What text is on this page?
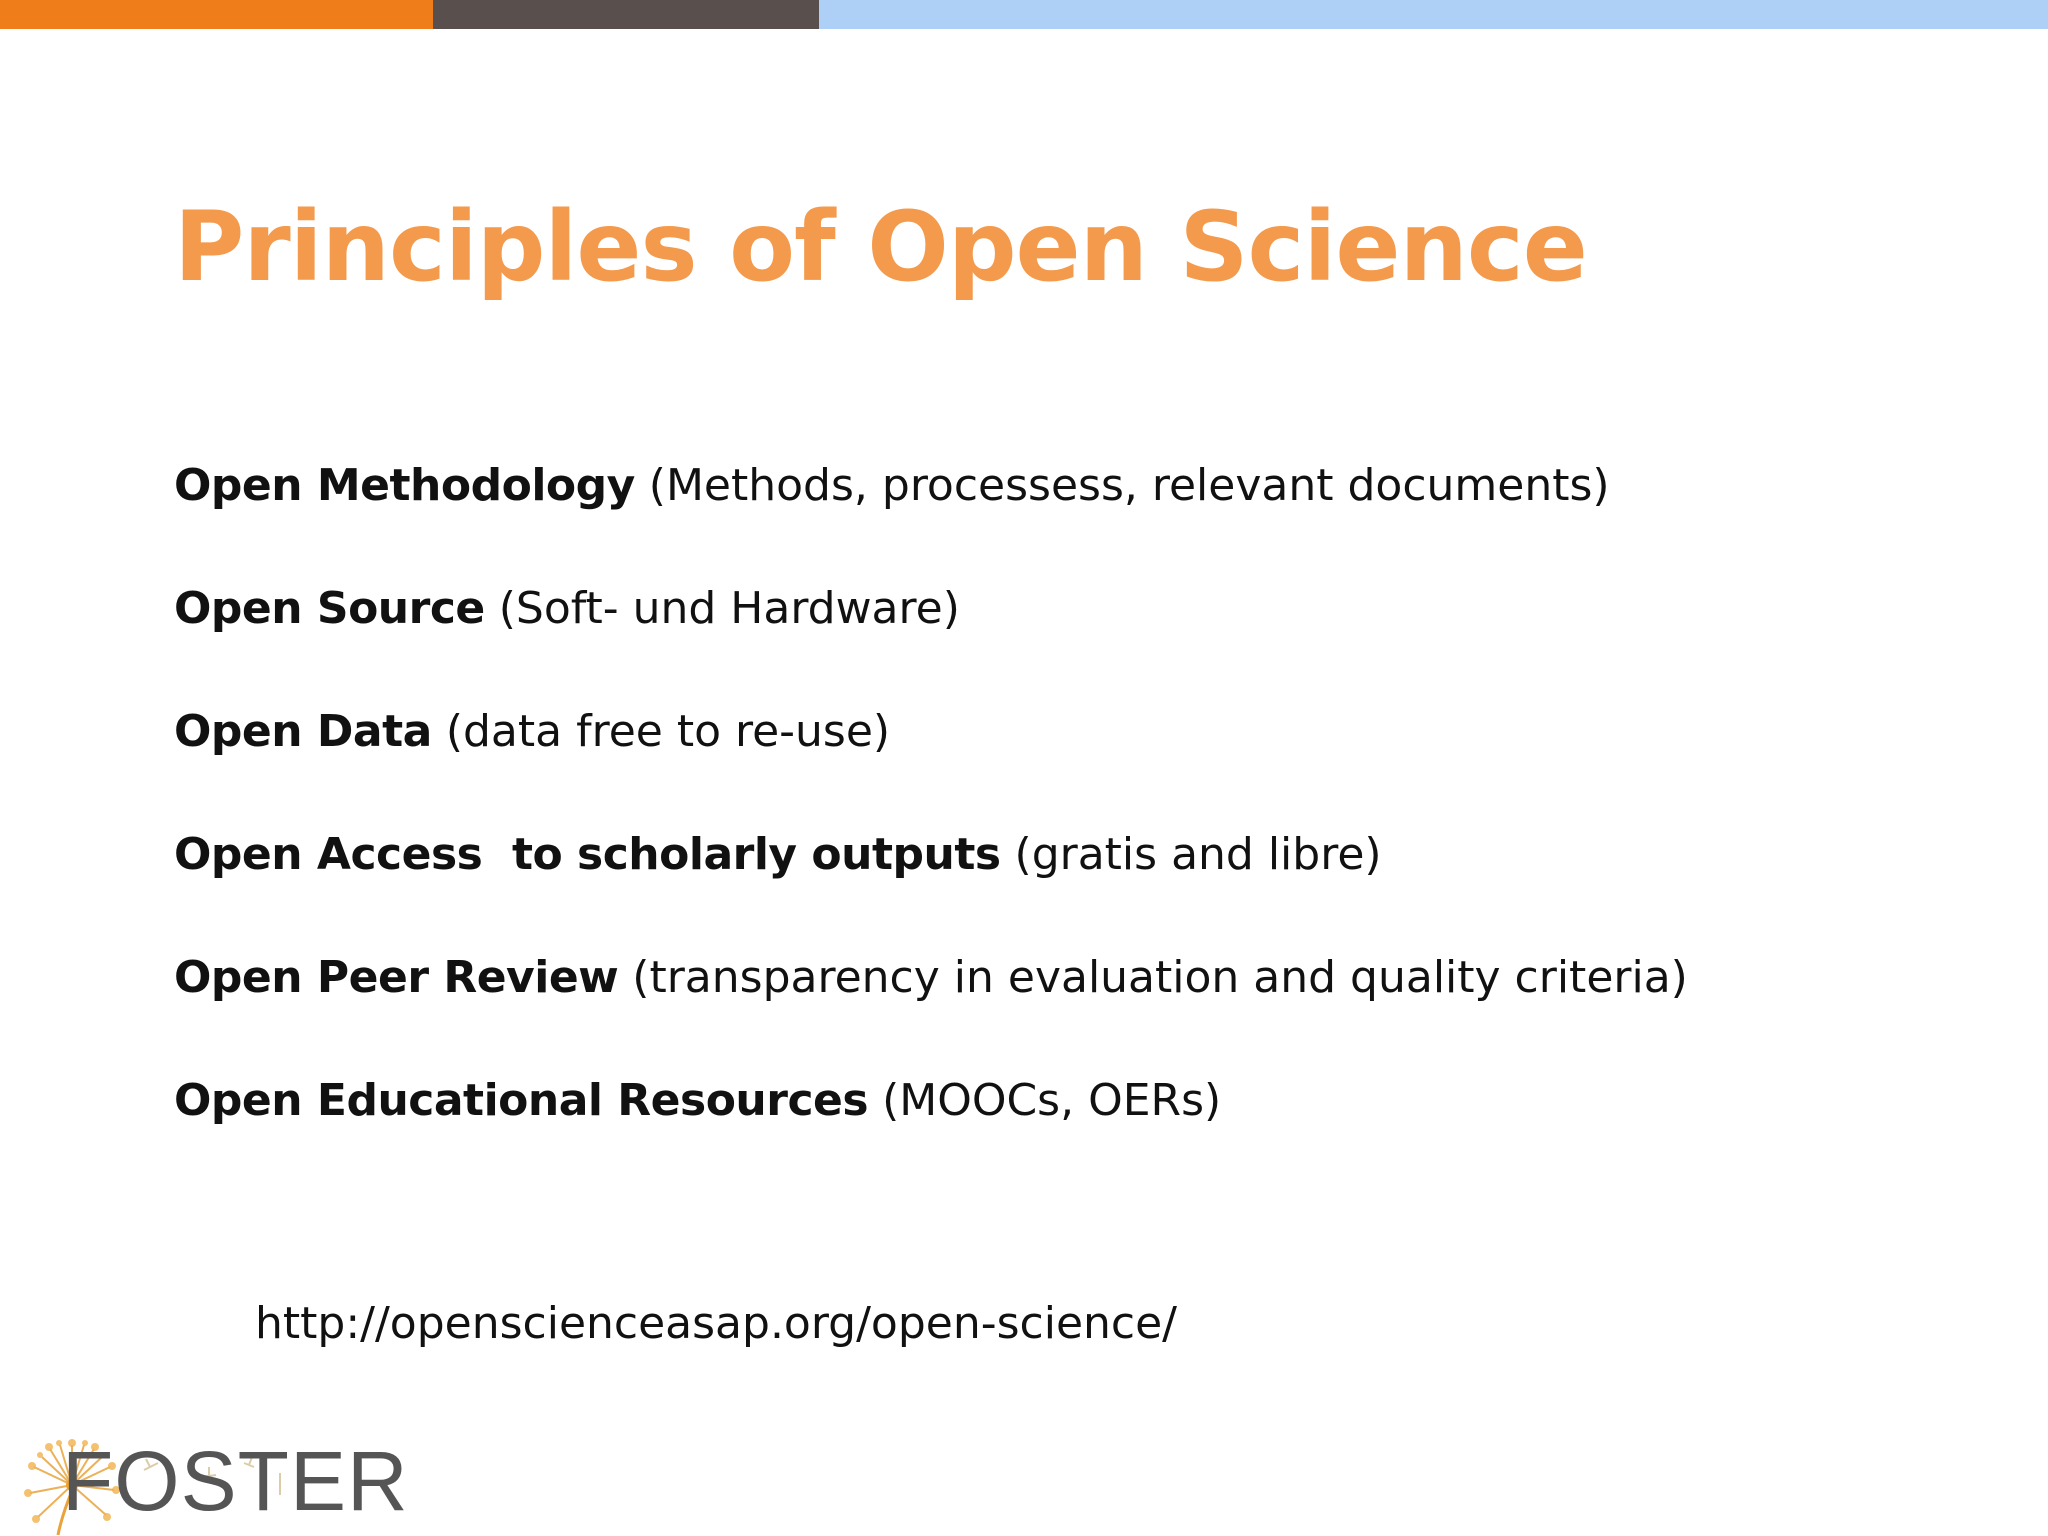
Principles of Open Science
Open Methodology (Methods, processess, relevant documents)
Open Source (Soft- und Hardware)
Open Data (data free to re-use)
Open Access  to scholarly outputs (gratis and libre)
Open Peer Review (transparency in evaluation and quality criteria)
Open Educational Resources (MOOCs, OERs)
http://openscienceasap.org/open-science/
FOSTER
